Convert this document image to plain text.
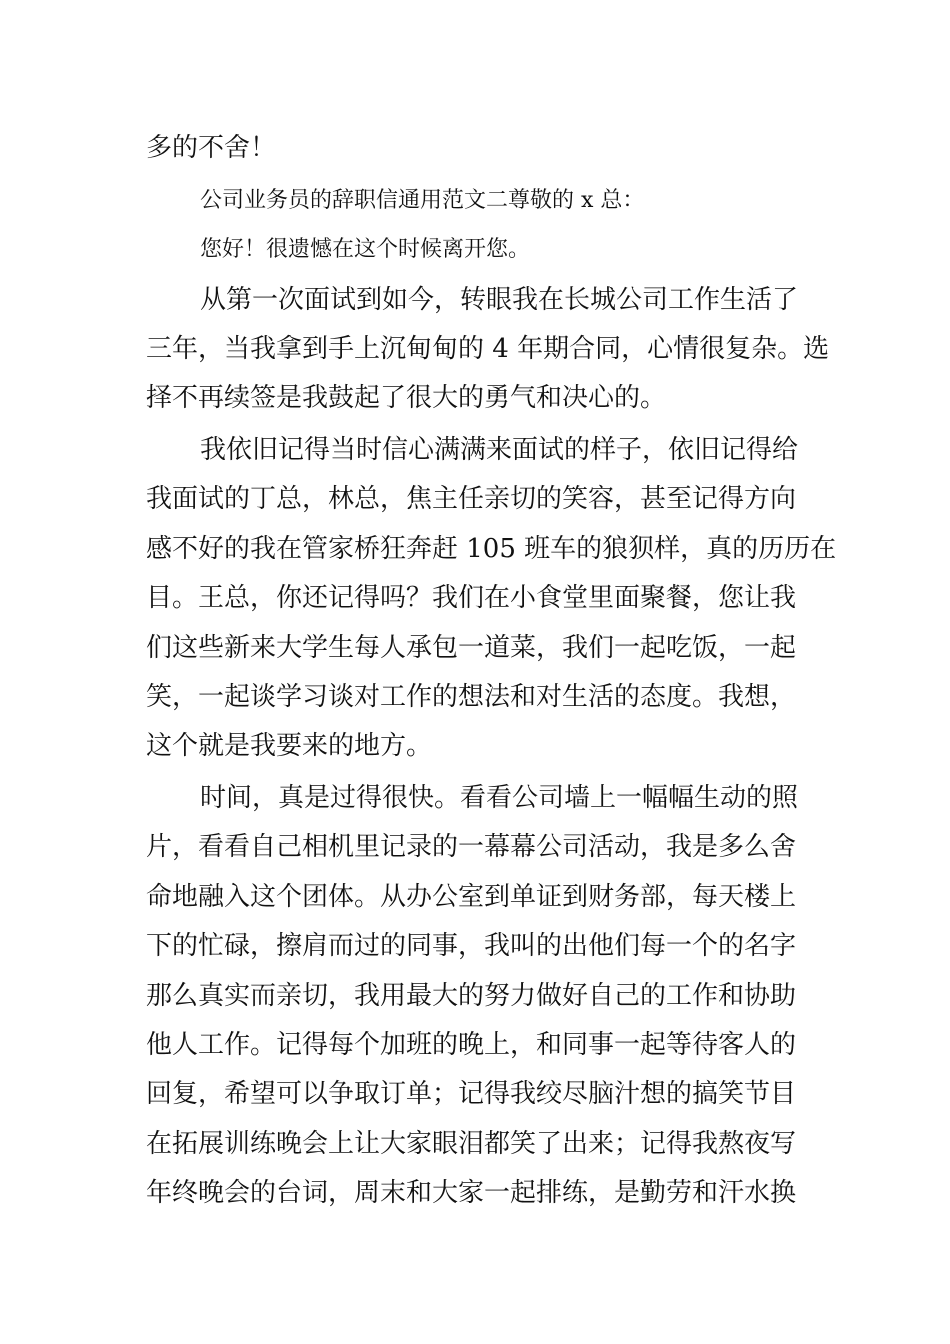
多的不舍！
公司业务员的辞职信通用范文二尊敬的 x 总：
您好！很遗憾在这个时候离开您。
从第一次面试到如今，转眼我在长城公司工作生活了
三年，当我拿到手上沉甸甸的 4 年期合同，心情很复杂。选
择不再续签是我鼓起了很大的勇气和决心的。
我依旧记得当时信心满满来面试的样子，依旧记得给
我面试的丁总，林总，焦主任亲切的笑容，甚至记得方向
感不好的我在管家桥狂奔赶 105 班车的狼狈样，真的历历在
目。王总，你还记得吗？我们在小食堂里面聚餐，您让我
们这些新来大学生每人承包一道菜，我们一起吃饭，一起
笑，一起谈学习谈对工作的想法和对生活的态度。我想，
这个就是我要来的地方。
时间，真是过得很快。看看公司墙上一幅幅生动的照
片，看看自己相机里记录的一幕幕公司活动，我是多么舍
命地融入这个团体。从办公室到单证到财务部，每天楼上
下的忙碌，擦肩而过的同事，我叫的出他们每一个的名字
那么真实而亲切，我用最大的努力做好自己的工作和协助
他人工作。记得每个加班的晚上，和同事一起等待客人的
回复，希望可以争取订单；记得我绞尽脑汁想的搞笑节目
在拓展训练晚会上让大家眼泪都笑了出来；记得我熬夜写
年终晚会的台词，周末和大家一起排练，是勤劳和汗水换
